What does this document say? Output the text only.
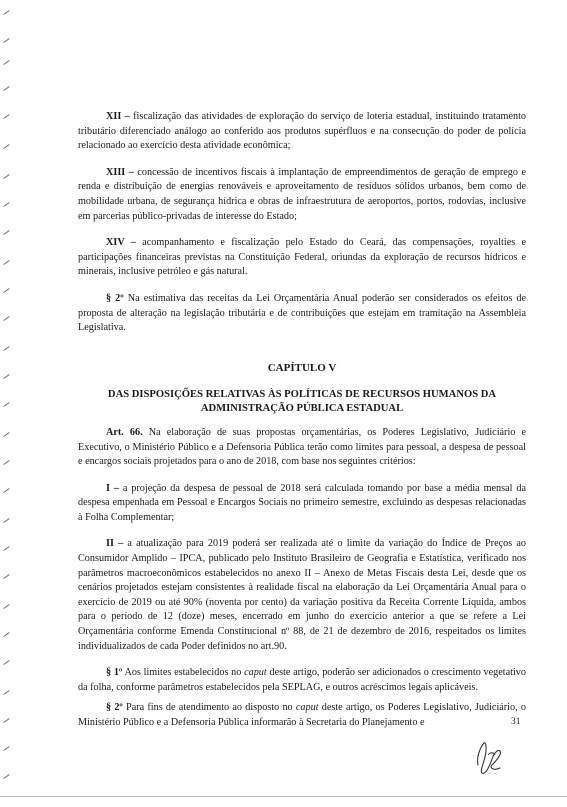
XII – fiscalização das atividades de exploração do serviço de loteria estadual, instituindo tratamento tributário diferenciado análogo ao conferido aos produtos supérfluos e na consecução do poder de polícia relacionado ao exercício desta atividade econômica;

XIII – concessão de incentivos fiscais à implantação de empreendimentos de geração de emprego e renda e distribuição de energias renováveis e aproveitamento de resíduos sólidos urbanos, bem como de mobilidade urbana, de segurança hídrica e obras de infraestrutura de aeroportos, portos, rodovias, inclusive em parcerias público-privadas de interesse do Estado;

XIV – acompanhamento e fiscalização pelo Estado do Ceará, das compensações, royalties e participações financeiras previstas na Constituição Federal, oriundas da exploração de recursos hídricos e minerais, inclusive petróleo e gás natural.

§ 2º Na estimativa das receitas da Lei Orçamentária Anual poderão ser considerados os efeitos de proposta de alteração na legislação tributária e de contribuições que estejam em tramitação na Assembleia Legislativa.

CAPÍTULO V
DAS DISPOSIÇÕES RELATIVAS ÀS POLÍTICAS DE RECURSOS HUMANOS DA
ADMINISTRAÇÃO PÚBLICA ESTADUAL

Art. 66. Na elaboração de suas propostas orçamentárias, os Poderes Legislativo, Judiciário e Executivo, o Ministério Público e a Defensoria Pública terão como limites para pessoal, a despesa de pessoal e encargos sociais projetados para o ano de 2018, com base nos seguintes critérios:

I – a projeção da despesa de pessoal de 2018 será calculada tomando por base a média mensal da despesa empenhada em Pessoal e Encargos Sociais no primeiro semestre, excluindo as despesas relacionadas à Folha Complementar;

II – a atualização para 2019 poderá ser realizada até o limite da variação do Índice de Preços ao Consumidor Amplido – IPCA, publicado pelo Instituto Brasileiro de Geografia e Estatística, verificado nos parâmetros macroeconômicos estabelecidos no anexo II – Anexo de Metas Fiscais desta Lei, desde que os cenários projetados estejam consistentes à realidade fiscal na elaboração da Lei Orçamentária Anual para o exercício de 2019 ou até 90% (noventa por cento) da variação positiva da Receita Corrente Líquida, ambos para o período de 12 (doze) meses, encerrado em junho do exercício anterior a que se refere a Lei Orçamentária conforme Emenda Constitucional nº 88, de 21 de dezembro de 2016, respeitados os limites individualizados de cada Poder definidos no art.90.

§ 1º Aos limites estabelecidos no caput deste artigo, poderão ser adicionados o crescimento vegetativo da folha, conforme parâmetros estabelecidos pela SEPLAG, e outros acréscimos legais aplicáveis.

§ 2º Para fins de atendimento ao disposto no caput deste artigo, os Poderes Legislativo, Judiciário, o Ministério Público e a Defensoria Pública informarão à Secretaria do Planejamento e	31
· · ·
